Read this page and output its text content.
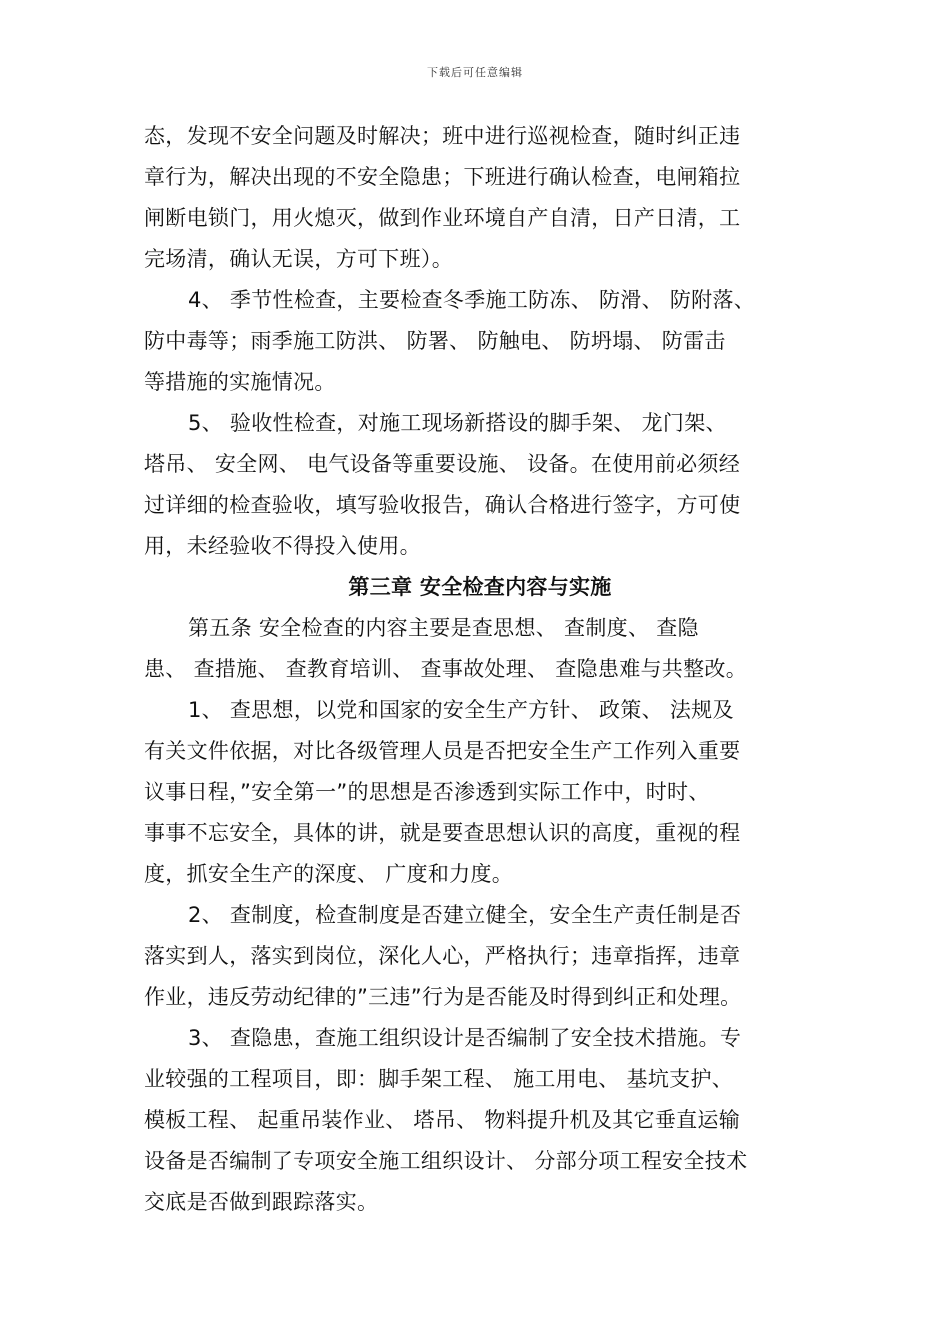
下载后可任意编辑
态，发现不安全问题及时解决；班中进行巡视检查，随时纠正违
章行为，解决出现的不安全隐患；下班进行确认检查，电闸箱拉
闸断电锁门，用火熄灭，做到作业环境自产自清，日产日清，工
完场清，确认无误，方可下班）。
4、 季节性检查，主要检查冬季施工防冻、 防滑、 防附落、
防中毒等；雨季施工防洪、 防署、 防触电、 防坍塌、 防雷击
等措施的实施情况。
5、 验收性检查，对施工现场新搭设的脚手架、 龙门架、
塔吊、 安全网、 电气设备等重要设施、 设备。在使用前必须经
过详细的检查验收，填写验收报告，确认合格进行签字，方可使
用，未经验收不得投入使用。
第三章 安全检查内容与实施
第五条 安全检查的内容主要是查思想、 查制度、 查隐
患、 查措施、 查教育培训、 查事故处理、 查隐患难与共整改。
1、 查思想，以党和国家的安全生产方针、 政策、 法规及
有关文件依据，对比各级管理人员是否把安全生产工作列入重要
议事日程，”安全第一”的思想是否渗透到实际工作中，时时、
事事不忘安全，具体的讲，就是要查思想认识的高度，重视的程
度，抓安全生产的深度、 广度和力度。
2、 查制度，检查制度是否建立健全，安全生产责任制是否
落实到人，落实到岗位，深化人心，严格执行；违章指挥，违章
作业，违反劳动纪律的”三违”行为是否能及时得到纠正和处理。
3、 查隐患，查施工组织设计是否编制了安全技术措施。专
业较强的工程项目，即：脚手架工程、 施工用电、 基坑支护、
模板工程、 起重吊装作业、 塔吊、 物料提升机及其它垂直运输
设备是否编制了专项安全施工组织设计、 分部分项工程安全技术
交底是否做到跟踪落实。
